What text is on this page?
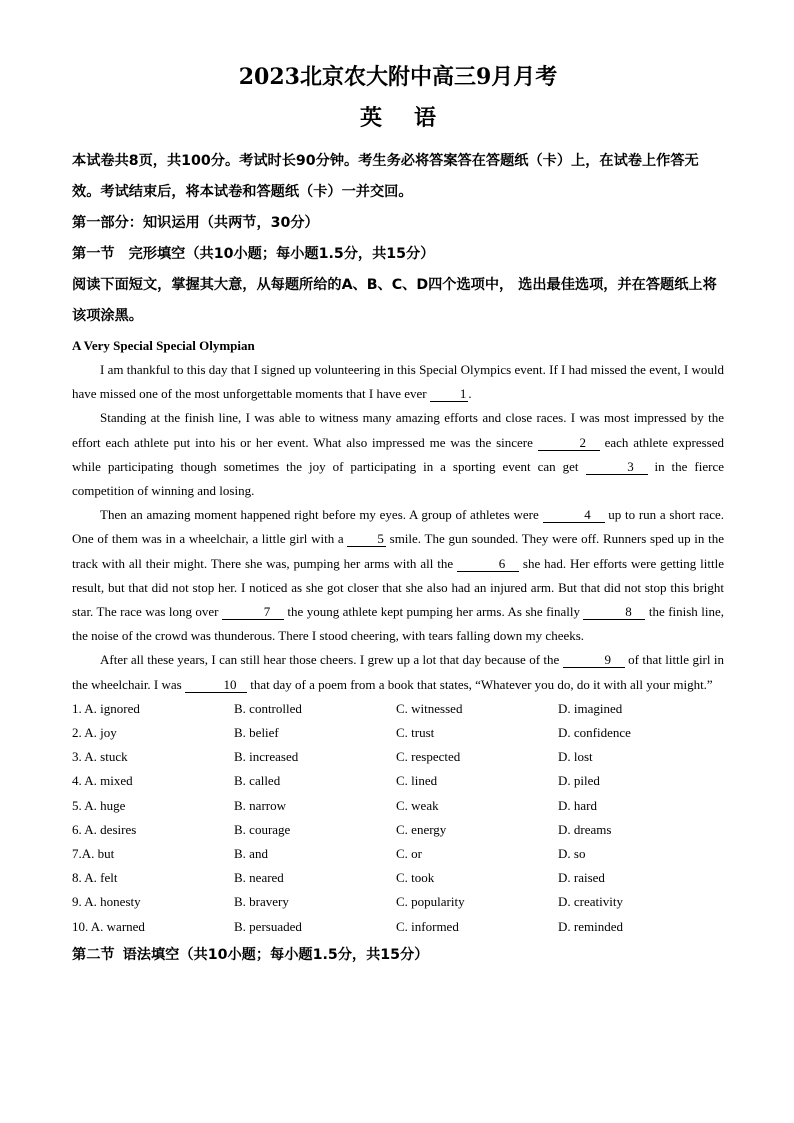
2023北京农大附中高三9月月考
英语

本试卷共8页，共100分。考试时长90分钟。考生务必将答案答在答题纸（卡）上，在试卷上作答无效。考试结束后，将本试卷和答题纸（卡）一并交回。

第一部分：知识运用（共两节，30分）

第一节 完形填空（共10小题；每小题1.5分，共15分）

阅读下面短文，掌握其大意，从每题所给的A、B、C、D四个选项中， 选出最佳选项，并在答题纸上将该项涂黑。

A Very Special Special Olympian

I am thankful to this day that I signed up volunteering in this Special Olympics event. If I had missed the event, I would have missed one of the most unforgettable moments that I have ever 1 .

Standing at the finish line, I was able to witness many amazing efforts and close races. I was most impressed by the effort each athlete put into his or her event. What also impressed me was the sincere	2 each athlete expressed while participating though sometimes the joy of participating in a sporting event can get	3 in the fierce competition of winning and losing.

Then an amazing moment happened right before my eyes. A group of athletes were	4 up to run a short race. One of them was in a wheelchair, a little girl with a 5 smile. The gun sounded. They were off. Runners sped up in the track with all their might. There she was, pumping her arms with all the	6 she had. Her efforts were getting little result, but that did not stop her. I noticed as she got closer that she also had an injured arm. But that did not stop this bright star. The race was long over	7 the young athlete kept pumping her arms. As she finally	8 the finish line, the noise of the crowd was thunderous. There I stood cheering, with tears falling down my cheeks.

After all these years, I can still hear those cheers. I grew up a lot that day because of the	9 of that little girl in the wheelchair. I was	10 that day of a poem from a book that states, “Whatever you do, do it with all your might.”

1. A. ignored	B. controlled	C. witnessed	D. imagined
2. A. joy	B. belief	C. trust	D. confidence
3. A. stuck	B. increased	C. respected	D. lost
4. A. mixed	B. called	C. lined	D. piled
5. A. huge	B. narrow	C. weak	D. hard
6. A. desires	B. courage	C. energy	D. dreams
7.A. but	B. and	C. or	D. so
8. A. felt	B. neared	C. took	D. raised
9. A. honesty	B. bravery	C. popularity	D. creativity
10. A. warned	B. persuaded	C. informed	D. reminded

第二节 语法填空（共10小题；每小题1.5分，共15分）
